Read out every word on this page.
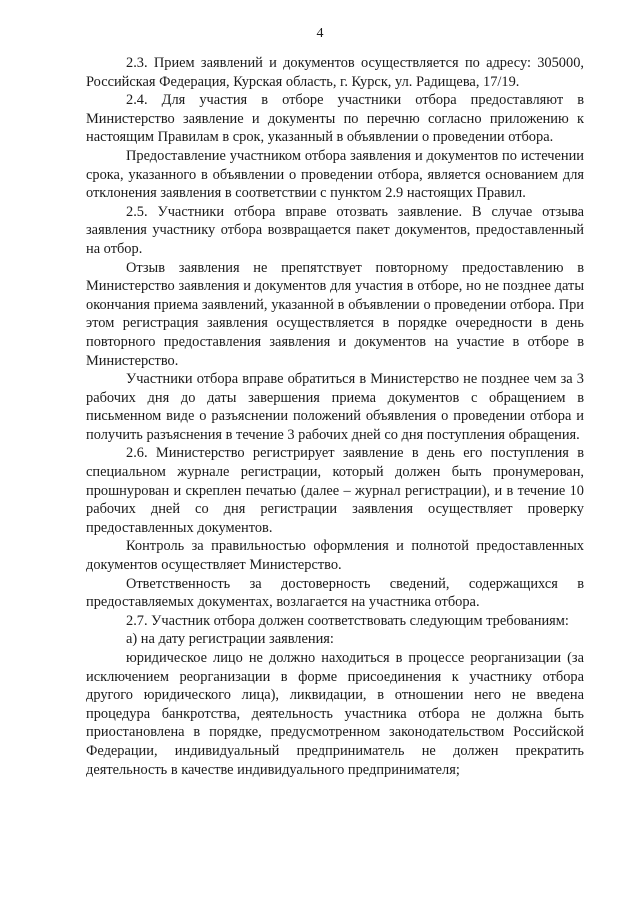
4

2.3. Прием заявлений и документов осуществляется по адресу: 305000, Российская Федерация, Курская область, г. Курск, ул. Радищева, 17/19.

2.4. Для участия в отборе участники отбора предоставляют в Министерство заявление и документы по перечню согласно приложению к настоящим Правилам в срок, указанный в объявлении о проведении отбора.

Предоставление участником отбора заявления и документов по истечении срока, указанного в объявлении о проведении отбора, является основанием для отклонения заявления в соответствии с пунктом 2.9 настоящих Правил.

2.5. Участники отбора вправе отозвать заявление. В случае отзыва заявления участнику отбора возвращается пакет документов, предоставленный на отбор.

Отзыв заявления не препятствует повторному предоставлению в Министерство заявления и документов для участия в отборе, но не позднее даты окончания приема заявлений, указанной в объявлении о проведении отбора. При этом регистрация заявления осуществляется в порядке очередности в день повторного предоставления заявления и документов на участие в отборе в Министерство.

Участники отбора вправе обратиться в Министерство не позднее чем за 3 рабочих дня до даты завершения приема документов с обращением в письменном виде о разъяснении положений объявления о проведении отбора и получить разъяснения в течение 3 рабочих дней со дня поступления обращения.

2.6. Министерство регистрирует заявление в день его поступления в специальном журнале регистрации, который должен быть пронумерован, прошнурован и скреплен печатью (далее – журнал регистрации), и в течение 10 рабочих дней со дня регистрации заявления осуществляет проверку предоставленных документов.

Контроль за правильностью оформления и полнотой предоставленных документов осуществляет Министерство.

Ответственность за достоверность сведений, содержащихся в предоставляемых документах, возлагается на участника отбора.

2.7. Участник отбора должен соответствовать следующим требованиям:

а) на дату регистрации заявления:

юридическое лицо не должно находиться в процессе реорганизации (за исключением реорганизации в форме присоединения к участнику отбора другого юридического лица), ликвидации, в отношении него не введена процедура банкротства, деятельность участника отбора не должна быть приостановлена в порядке, предусмотренном законодательством Российской Федерации, индивидуальный предприниматель не должен прекратить деятельность в качестве индивидуального предпринимателя;
